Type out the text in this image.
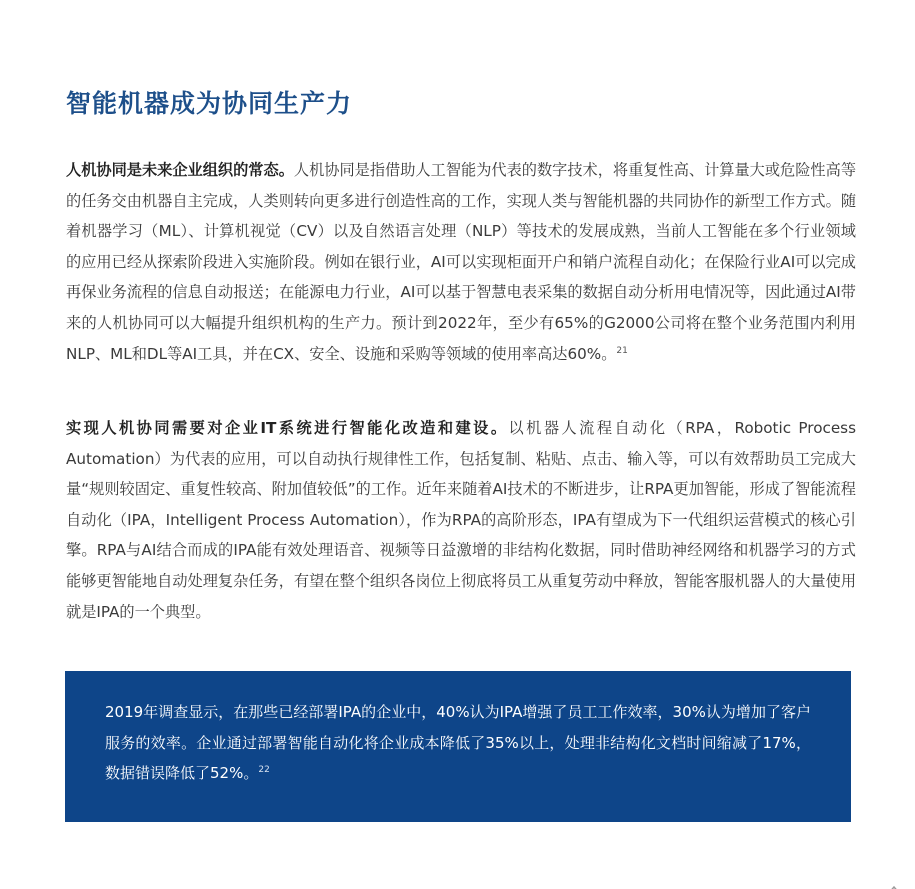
智能机器成为协同生产力

人机协同是未来企业组织的常态。人机协同是指借助人工智能为代表的数字技术，将重复性高、计算量大或危险性高等的任务交由机器自主完成，人类则转向更多进行创造性高的工作，实现人类与智能机器的共同协作的新型工作方式。随着机器学习（ML）、计算机视觉（CV）以及自然语言处理（NLP）等技术的发展成熟，当前人工智能在多个行业领域的应用已经从探索阶段进入实施阶段。例如在银行业，AI可以实现柜面开户和销户流程自动化；在保险行业AI可以完成再保业务流程的信息自动报送；在能源电力行业，AI可以基于智慧电表采集的数据自动分析用电情况等，因此通过AI带来的人机协同可以大幅提升组织机构的生产力。预计到2022年，至少有65%的G2000公司将在整个业务范围内利用NLP、ML和DL等AI工具，并在CX、安全、设施和采购等领域的使用率高达60%。$^{21}$

实现人机协同需要对企业IT系统进行智能化改造和建设。以机器人流程自动化（RPA，Robotic Process Automation）为代表的应用，可以自动执行规律性工作，包括复制、粘贴、点击、输入等，可以有效帮助员工完成大量“规则较固定、重复性较高、附加值较低”的工作。近年来随着AI技术的不断进步，让RPA更加智能，形成了智能流程自动化（IPA，Intelligent Process Automation），作为RPA的高阶形态，IPA有望成为下一代组织运营模式的核心引擎。RPA与AI结合而成的IPA能有效处理语音、视频等日益激增的非结构化数据，同时借助神经网络和机器学习的方式能够更智能地自动处理复杂任务，有望在整个组织各岗位上彻底将员工从重复劳动中释放，智能客服机器人的大量使用就是IPA的一个典型。

2019年调查显示，在那些已经部署IPA的企业中，40%认为IPA增强了员工工作效率，30%认为增加了客户服务的效率。企业通过部署智能自动化将企业成本降低了35%以上，处理非结构化文档时间缩减了17%，数据错误降低了52%。$^{22}$
